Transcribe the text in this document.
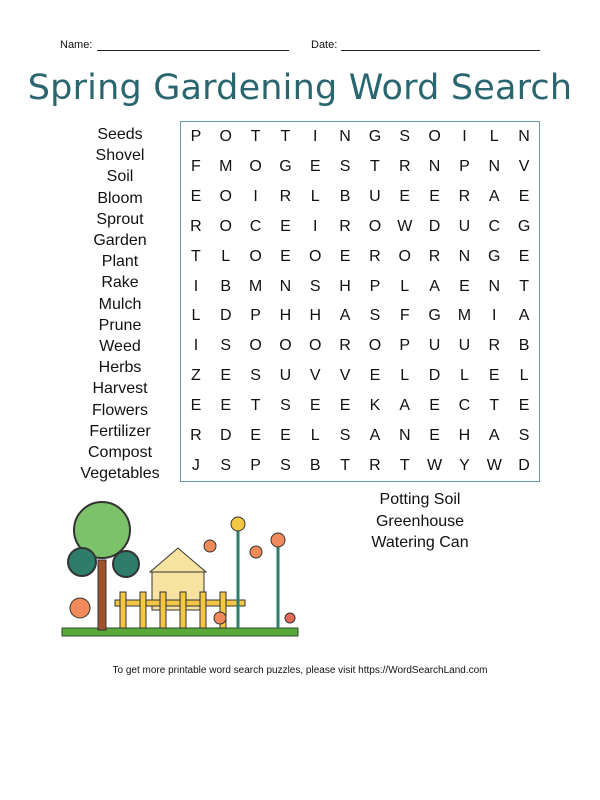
Name:	Date:
Spring Gardening Word Search
Seeds
Shovel
Soil
Bloom
Sprout
Garden
Plant
Rake
Mulch
Prune
Weed
Herbs
Harvest
Flowers
Fertilizer
Compost
Vegetables
P	O	T	T	I	N	G	S	O	I	L	N
F	M	O	G	E	S	T	R	N	P	N	V
E	O	I	R	L	B	U	E	E	R	A	E
R	O	C	E	I	R	O	W	D	U	C	G
T	L	O	E	O	E	R	O	R	N	G	E
I	B	M	N	S	H	P	L	A	E	N	T
L	D	P	H	H	A	S	F	G	M	I	A
I	S	O	O	O	R	O	P	U	U	R	B
Z	E	S	U	V	V	E	L	D	L	E	L
E	E	T	S	E	E	K	A	E	C	T	E
R	D	E	E	L	S	A	N	E	H	A	S
J	S	P	S	B	T	R	T	W	Y	W	D
Potting Soil
Greenhouse
Watering Can
To get more printable word search puzzles, please visit https://WordSearchLand.com
